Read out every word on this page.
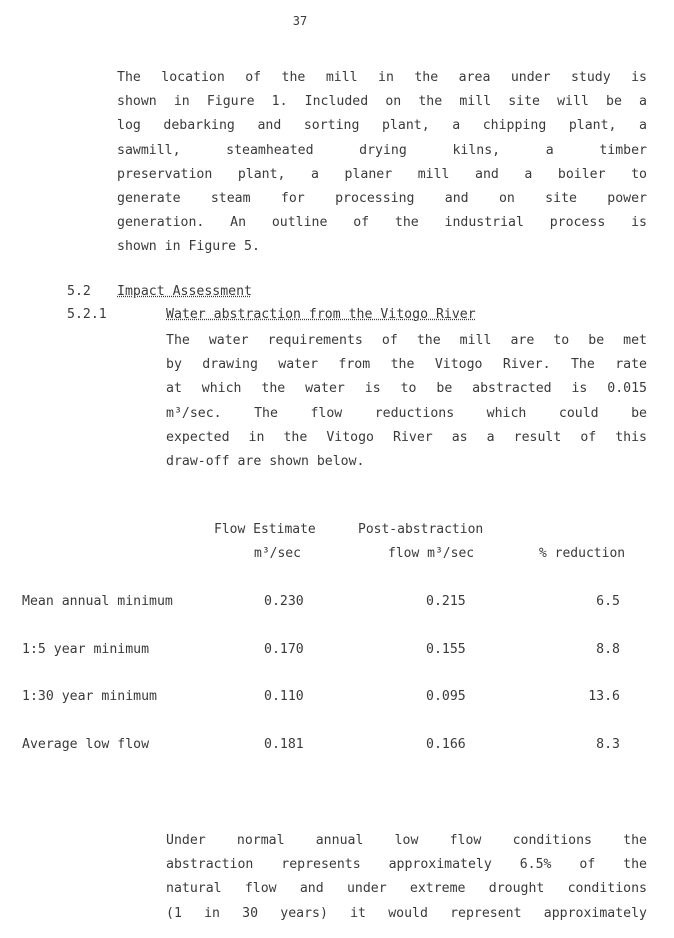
37
The location of the mill in the area under study is
shown in Figure 1. Included on the mill site will be a
log debarking and sorting plant, a chipping plant, a
sawmill, steamheated drying kilns, a timber
preservation plant, a planer mill and a boiler to
generate steam for processing and on site power
generation. An outline of the industrial process is
shown in Figure 5.
5.2 Impact Assessment
5.2.1	Water abstraction from the Vitogo River
The water requirements of the mill are to be met
by drawing water from the Vitogo River. The rate
at which the water is to be abstracted is 0.015
m³/sec. The flow reductions which could be
expected in the Vitogo River as a result of this
draw-off are shown below.
Flow Estimate	Post-abstraction
m³/sec	flow m³/sec	% reduction
Mean annual minimum	0.230	0.215	6.5
1:5 year minimum	0.170	0.155	8.8
1:30 year minimum	0.110	0.095	13.6
Average low flow	0.181	0.166	8.3
Under normal annual low flow conditions the
abstraction represents approximately 6.5% of the
natural flow and under extreme drought conditions
(1 in 30 years) it would represent approximately
